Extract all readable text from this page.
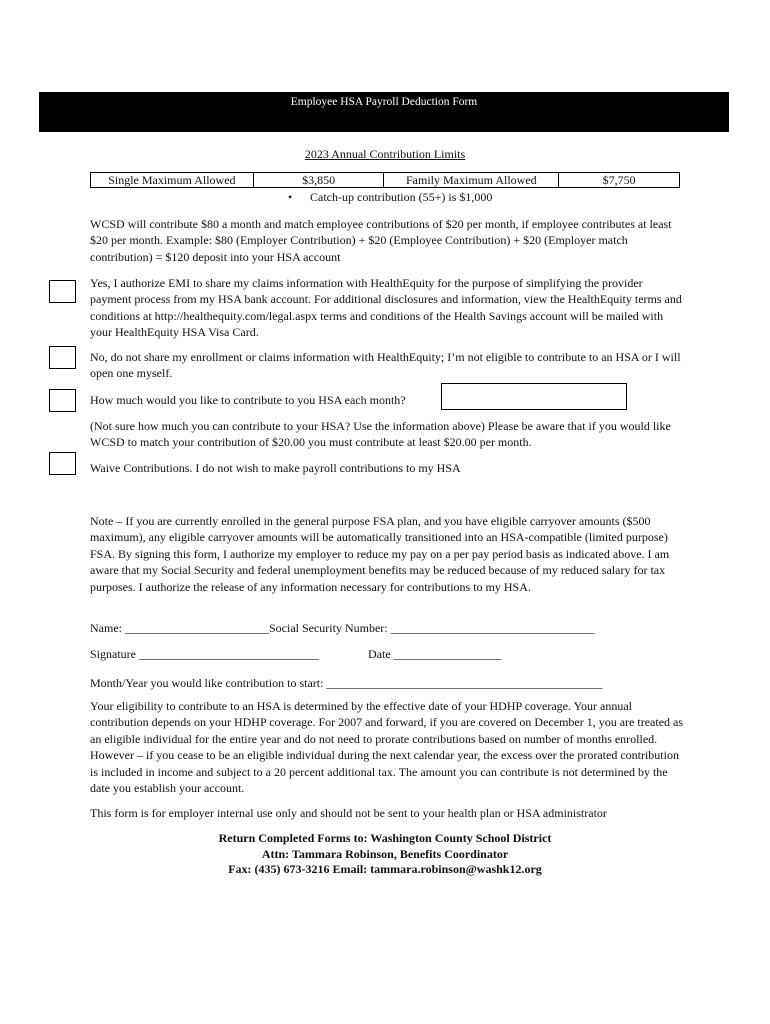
Employee HSA Payroll Deduction Form
2023 Annual Contribution Limits
Single Maximum Allowed	$3,850	Family Maximum Allowed	$7,750
• Catch-up contribution (55+) is $1,000

WCSD will contribute $80 a month and match employee contributions of $20 per month, if employee contributes at least $20 per month. Example: $80 (Employer Contribution) + $20 (Employee Contribution) + $20 (Employer match contribution) = $120 deposit into your HSA account

Yes, I authorize EMI to share my claims information with HealthEquity for the purpose of simplifying the provider payment process from my HSA bank account. For additional disclosures and information, view the HealthEquity terms and conditions at http://healthequity.com/legal.aspx terms and conditions of the Health Savings account will be mailed with your HealthEquity HSA Visa Card.

No, do not share my enrollment or claims information with HealthEquity; I’m not eligible to contribute to an HSA or I will open one myself.

How much would you like to contribute to you HSA each month?

(Not sure how much you can contribute to your HSA? Use the information above) Please be aware that if you would like WCSD to match your contribution of $20.00 you must contribute at least $20.00 per month.

Waive Contributions. I do not wish to make payroll contributions to my HSA

Note – If you are currently enrolled in the general purpose FSA plan, and you have eligible carryover amounts ($500 maximum), any eligible carryover amounts will be automatically transitioned into an HSA-compatible (limited purpose) FSA. By signing this form, I authorize my employer to reduce my pay on a per pay period basis as indicated above. I am aware that my Social Security and federal unemployment benefits may be reduced because of my reduced salary for tax purposes. I authorize the release of any information necessary for contributions to my HSA.

Name: ________________________Social Security Number: __________________________________
Signature ______________________________	Date __________________
Month/Year you would like contribution to start: ______________________________________________

Your eligibility to contribute to an HSA is determined by the effective date of your HDHP coverage. Your annual contribution depends on your HDHP coverage. For 2007 and forward, if you are covered on December 1, you are treated as an eligible individual for the entire year and do not need to prorate contributions based on number of months enrolled. However – if you cease to be an eligible individual during the next calendar year, the excess over the prorated contribution is included in income and subject to a 20 percent additional tax. The amount you can contribute is not determined by the date you establish your account.

This form is for employer internal use only and should not be sent to your health plan or HSA administrator
Return Completed Forms to: Washington County School District
Attn: Tammara Robinson, Benefits Coordinator
Fax: (435) 673-3216 Email: tammara.robinson@washk12.org
